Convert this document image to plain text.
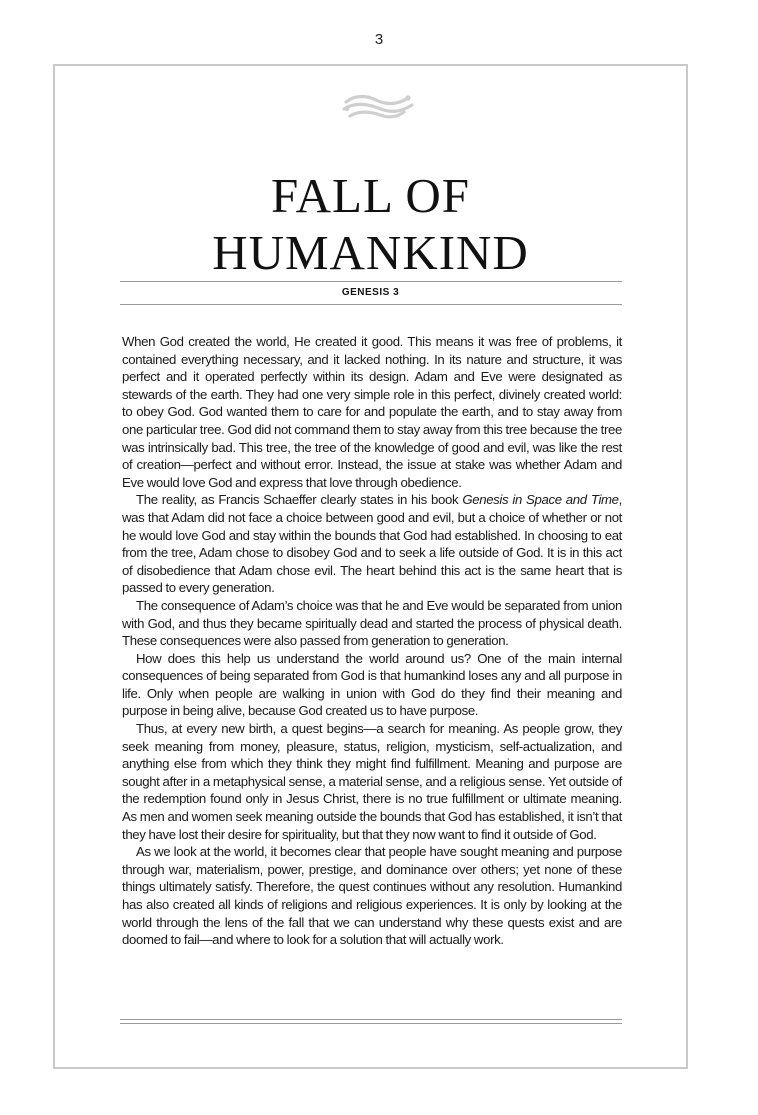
3
FALL OF
HUMANKIND
GENESIS 3

When God created the world, He created it good. This means it was free of problems, it contained everything necessary, and it lacked nothing. In its nature and structure, it was perfect and it operated perfectly within its design. Adam and Eve were designated as stewards of the earth. They had one very simple role in this perfect, divinely created world: to obey God. God wanted them to care for and populate the earth, and to stay away from one particular tree. God did not command them to stay away from this tree because the tree was intrinsically bad. This tree, the tree of the knowledge of good and evil, was like the rest of creation—perfect and without error. Instead, the issue at stake was whether Adam and Eve would love God and express that love through obedience.

The reality, as Francis Schaeffer clearly states in his book Genesis in Space and Time, was that Adam did not face a choice between good and evil, but a choice of whether or not he would love God and stay within the bounds that God had established. In choosing to eat from the tree, Adam chose to disobey God and to seek a life outside of God. It is in this act of disobedience that Adam chose evil. The heart behind this act is the same heart that is passed to every generation.

The consequence of Adam’s choice was that he and Eve would be separated from union with God, and thus they became spiritually dead and started the process of physical death. These consequences were also passed from generation to generation.

How does this help us understand the world around us? One of the main internal consequences of being separated from God is that humankind loses any and all purpose in life. Only when people are walking in union with God do they find their meaning and purpose in being alive, because God created us to have purpose.

Thus, at every new birth, a quest begins—a search for meaning. As people grow, they seek meaning from money, pleasure, status, religion, mysticism, self-actualization, and anything else from which they think they might find fulfillment. Meaning and purpose are sought after in a metaphysical sense, a material sense, and a religious sense. Yet outside of the redemption found only in Jesus Christ, there is no true fulfillment or ultimate meaning. As men and women seek meaning outside the bounds that God has established, it isn’t that they have lost their desire for spirituality, but that they now want to find it outside of God.

As we look at the world, it becomes clear that people have sought meaning and purpose through war, materialism, power, prestige, and dominance over others; yet none of these things ultimately satisfy. Therefore, the quest continues without any resolution. Humankind has also created all kinds of religions and religious experiences. It is only by looking at the world through the lens of the fall that we can understand why these quests exist and are doomed to fail—and where to look for a solution that will actually work.
